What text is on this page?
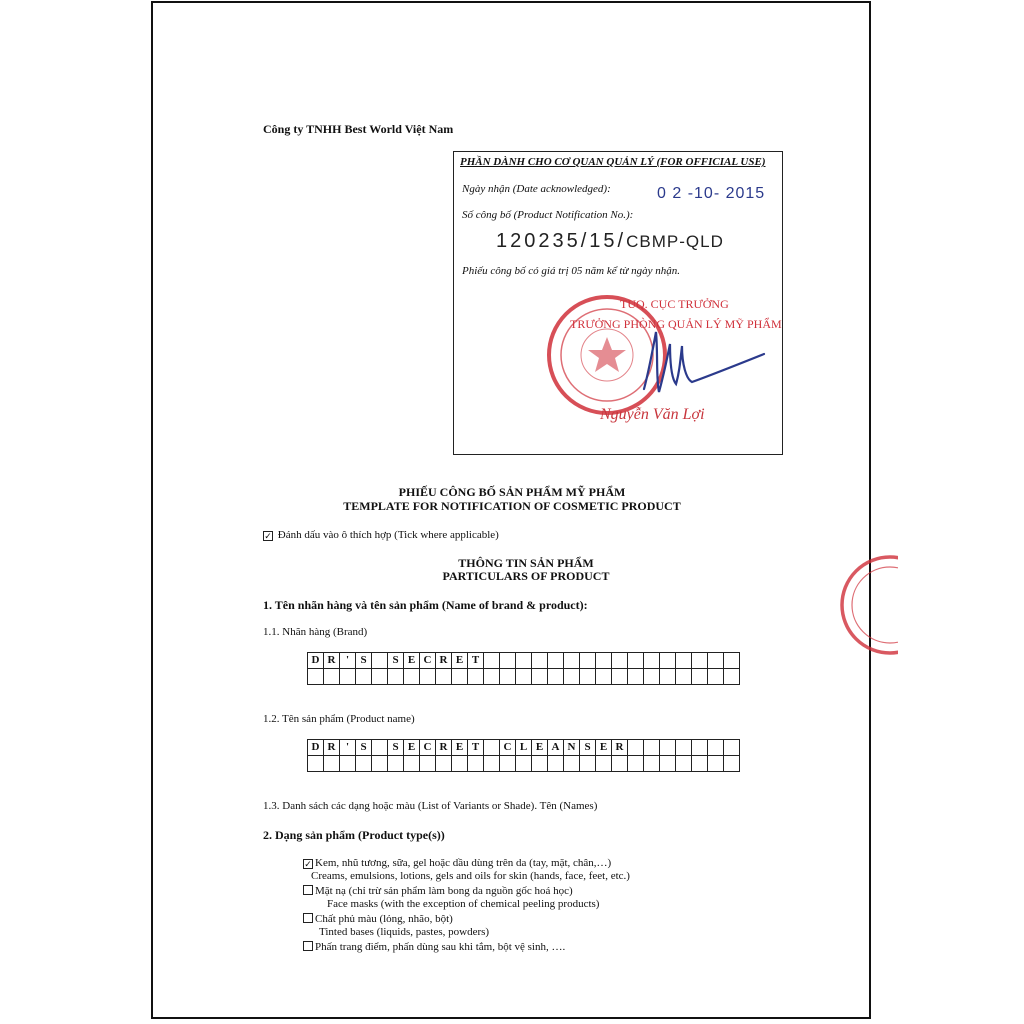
Công ty TNHH Best World Việt Nam
PHẦN DÀNH CHO CƠ QUAN QUẢN LÝ (FOR OFFICIAL USE)
Ngày nhận (Date acknowledged):	0 2 -10- 2015
Số công bố (Product Notification No.):
120235/15/CBMP-QLD
Phiếu công bố có giá trị 05 năm kể từ ngày nhận.
TUQ. CỤC TRƯỞNG
TRƯỞNG PHÒNG QUẢN LÝ MỸ PHẨM
Nguyễn Văn Lợi
PHIẾU CÔNG BỐ SẢN PHẨM MỸ PHẨM
TEMPLATE FOR NOTIFICATION OF COSMETIC PRODUCT
✓ Đánh dấu vào ô thích hợp (Tick where applicable)
THÔNG TIN SẢN PHẨM
PARTICULARS OF PRODUCT
1. Tên nhãn hàng và tên sản phẩm (Name of brand & product):
1.1. Nhãn hàng (Brand)
D R '	S	S E C R E T
1.2. Tên sản phẩm (Product name)
D R '	S	S E C R E T	C L E A N S E R
1.3. Danh sách các dạng hoặc màu (List of Variants or Shade). Tên (Names)
2. Dạng sản phẩm (Product type(s))
✓ Kem, nhũ tương, sữa, gel hoặc dầu dùng trên da (tay, mặt, chân,…)
Creams, emulsions, lotions, gels and oils for skin (hands, face, feet, etc.)
Mặt nạ (chỉ trừ sản phẩm làm bong da nguồn gốc hoá học)
Face masks (with the exception of chemical peeling products)
Chất phủ màu (lỏng, nhão, bột)
Tinted bases (liquids, pastes, powders)
Phấn trang điểm, phấn dùng sau khi tắm, bột vệ sinh, ….
